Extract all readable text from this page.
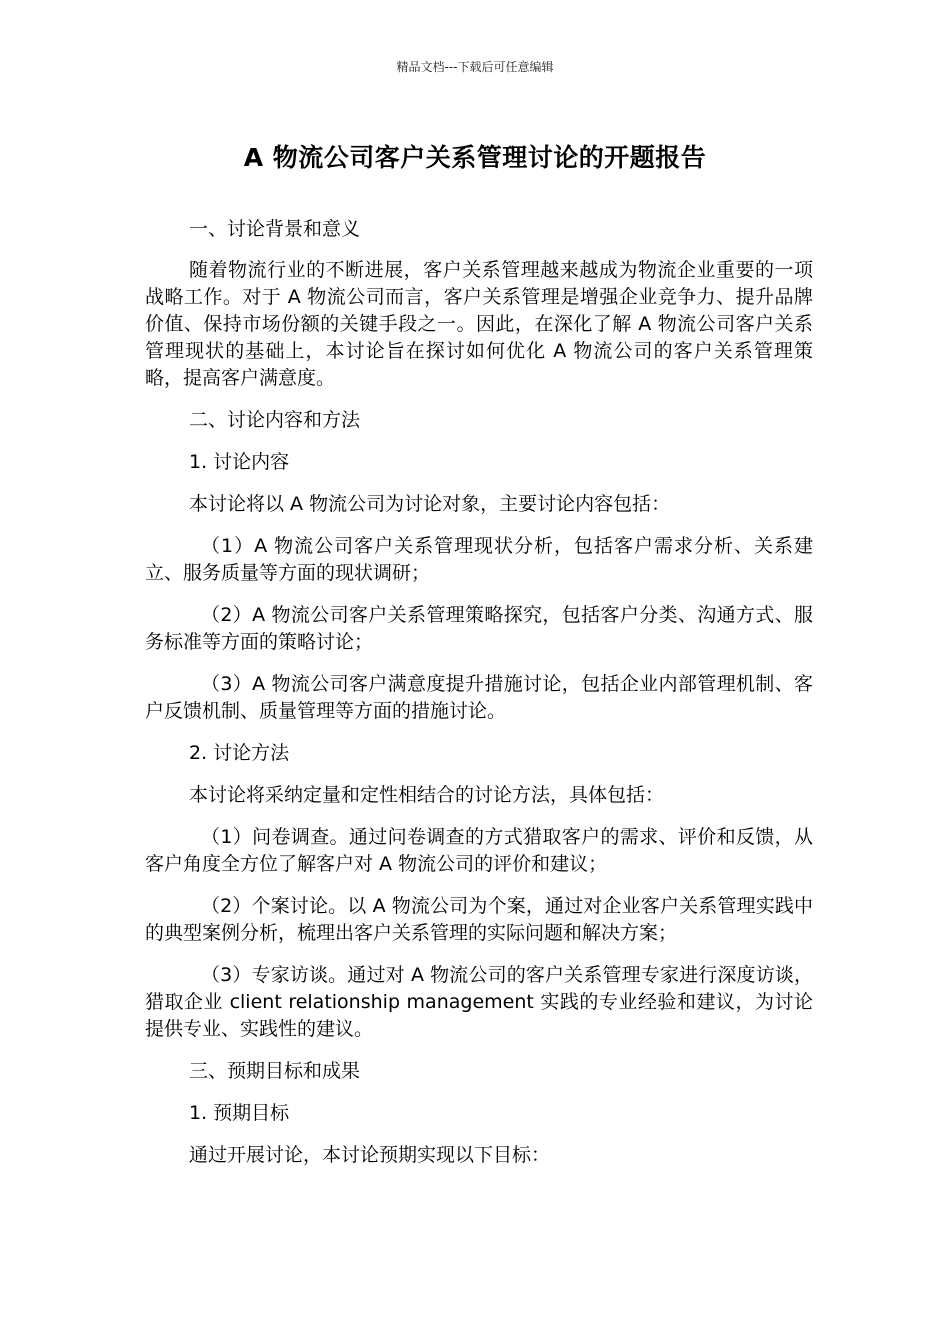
精品文档---下载后可任意编辑
A 物流公司客户关系管理讨论的开题报告

一、讨论背景和意义

随着物流行业的不断进展，客户关系管理越来越成为物流企业重要的一项战略工作。对于 A 物流公司而言，客户关系管理是增强企业竞争力、提升品牌价值、保持市场份额的关键手段之一。因此，在深化了解 A 物流公司客户关系管理现状的基础上，本讨论旨在探讨如何优化 A 物流公司的客户关系管理策略，提高客户满意度。

二、讨论内容和方法

1. 讨论内容

本讨论将以 A 物流公司为讨论对象，主要讨论内容包括：

（1）A 物流公司客户关系管理现状分析，包括客户需求分析、关系建立、服务质量等方面的现状调研；

（2）A 物流公司客户关系管理策略探究，包括客户分类、沟通方式、服务标准等方面的策略讨论；

（3）A 物流公司客户满意度提升措施讨论，包括企业内部管理机制、客户反馈机制、质量管理等方面的措施讨论。

2. 讨论方法

本讨论将采纳定量和定性相结合的讨论方法，具体包括：

（1）问卷调查。通过问卷调查的方式猎取客户的需求、评价和反馈，从客户角度全方位了解客户对 A 物流公司的评价和建议；

（2）个案讨论。以 A 物流公司为个案，通过对企业客户关系管理实践中的典型案例分析，梳理出客户关系管理的实际问题和解决方案；

（3）专家访谈。通过对 A 物流公司的客户关系管理专家进行深度访谈，猎取企业 client relationship management 实践的专业经验和建议，为讨论提供专业、实践性的建议。

三、预期目标和成果

1. 预期目标

通过开展讨论，本讨论预期实现以下目标：
